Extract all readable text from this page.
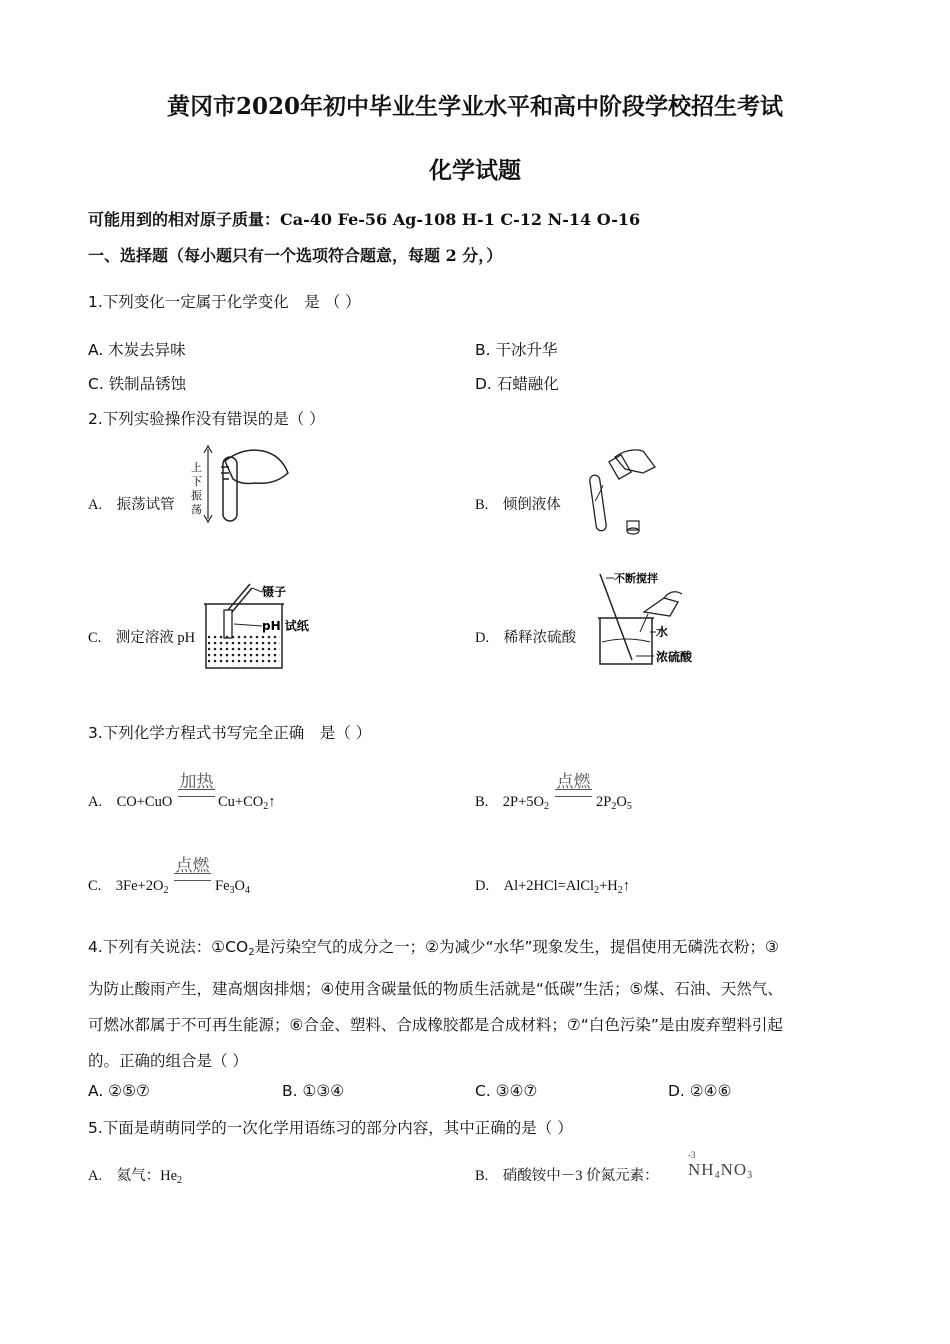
黄冈市2020年初中毕业生学业水平和高中阶段学校招生考试
化学试题
可能用到的相对原子质量：Ca-40 Fe-56 Ag-108 H-1 C-12 N-14 O-16
一、选择题（每小题只有一个选项符合题意，每题 2 分，）
1.下列变化一定属于化学变化　是 （ ）
A. 木炭去异味	B. 干冰升华
C. 铁制品锈蚀	D. 石蜡融化
2.下列实验操作没有错误的是（ ）
A.　振荡试管	B.　倾倒液体
C.　测定溶液 pH	D.　稀释浓硫酸
上
下
振
荡
镊子
pH 试纸
不断搅拌
水
浓硫酸
3.下列化学方程式书写完全正确　是（ ）
A.  CO+CuO
加热
$Cu+CO_2↑$	B.  $2P+5O_2$
点燃
$2P_2O_5$
C.  $3Fe+2O_2$
点燃
$Fe_3O_4$	D.  $Al+2HCl=AlCl_2+H_2↑$
4.下列有关说法：$①CO_2$是污染空气的成分之一；②为减少“水华”现象发生，提倡使用无磷洗衣粉；③
为防止酸雨产生，建高烟囱排烟；④使用含碳量低的物质生活就是“低碳”生活；⑤煤、石油、天然气、
可燃冰都属于不可再生能源；⑥合金、塑料、合成橡胶都是合成材料；⑦“白色污染”是由废弃塑料引起
的。正确的组合是（ ）
A. ②⑤⑦	B. ①③④	C. ③④⑦	D. ②④⑥
5.下面是萌萌同学的一次化学用语练习的部分内容，其中正确的是（ ）
A.　氦气：$He_2$	B.　硝酸铵中－3 价氮元素：
-3
$NH_4NO_3$
